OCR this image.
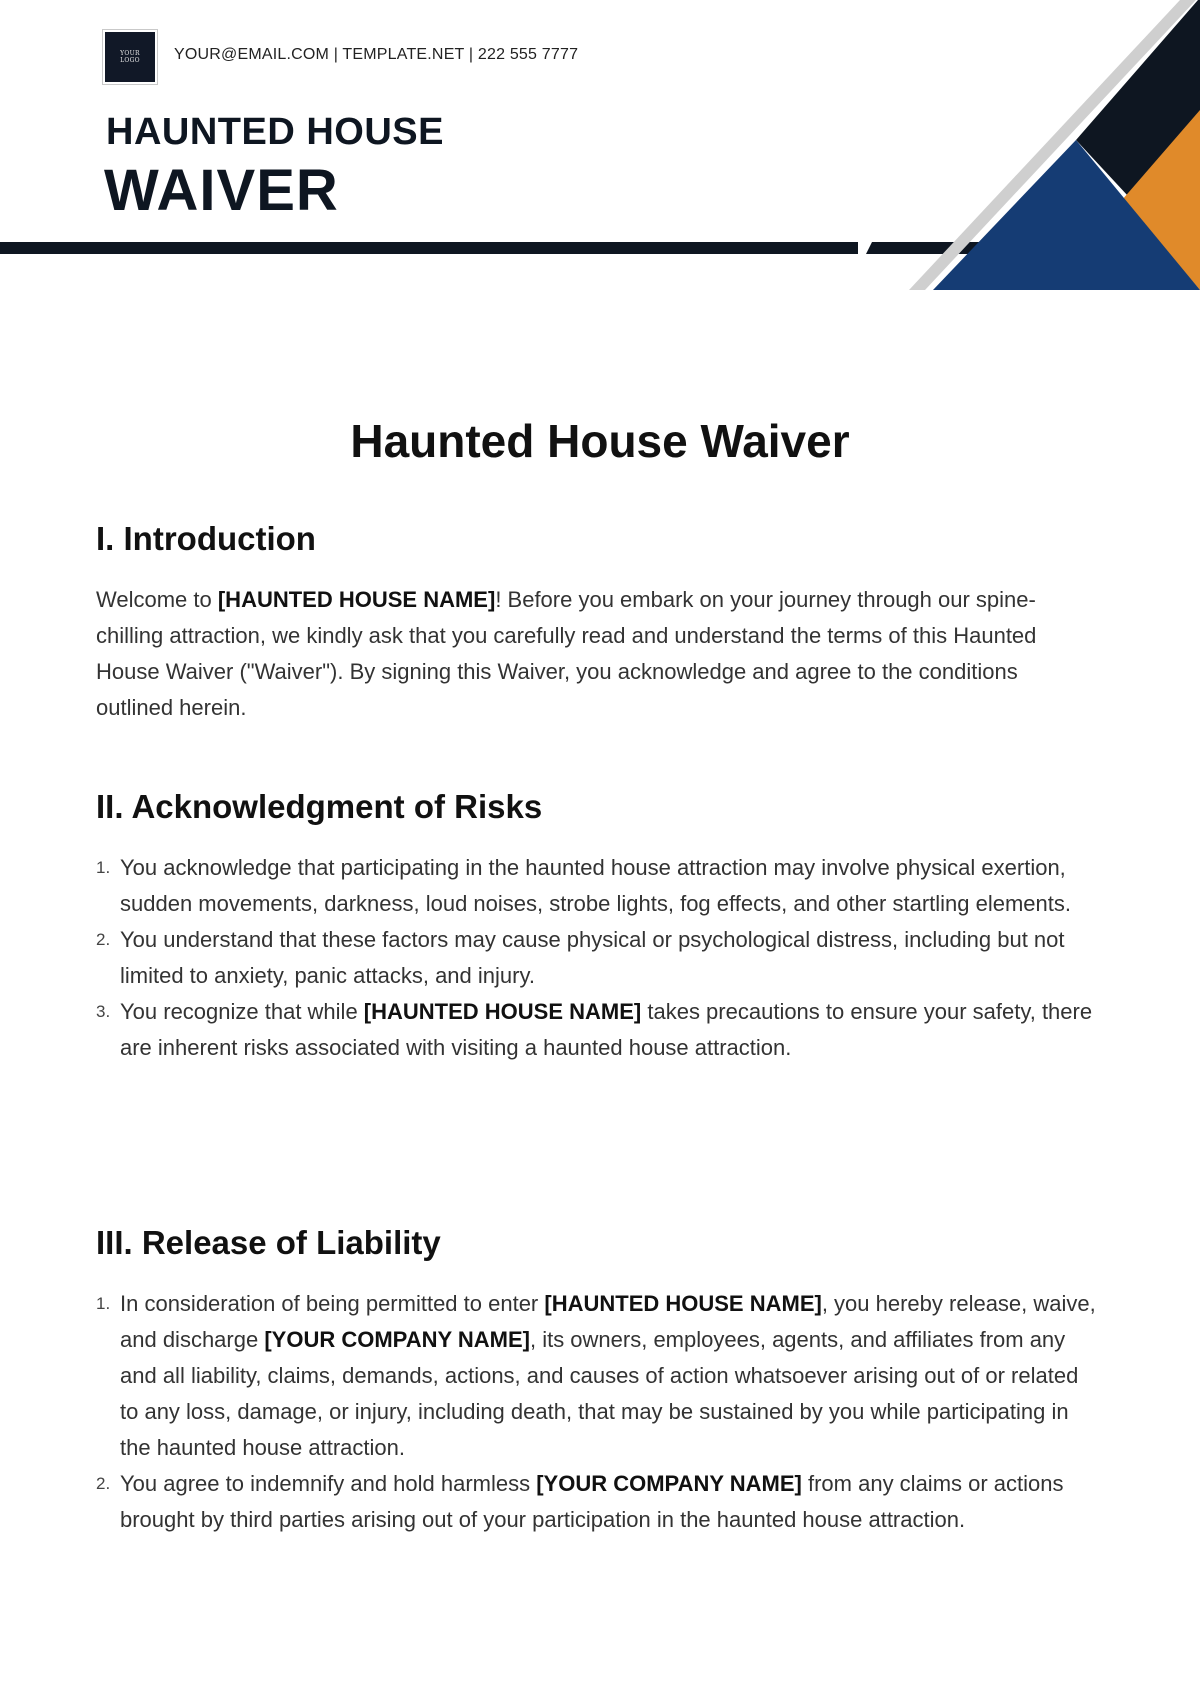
YOUR LOGO	YOUR@EMAIL.COM | TEMPLATE.NET | 222 555 7777
HAUNTED HOUSE
WAIVER
Haunted House Waiver
I. Introduction

Welcome to [HAUNTED HOUSE NAME]! Before you embark on your journey through our spine-chilling attraction, we kindly ask that you carefully read and understand the terms of this Haunted House Waiver ("Waiver"). By signing this Waiver, you acknowledge and agree to the conditions outlined herein.

II. Acknowledgment of Risks
1. You acknowledge that participating in the haunted house attraction may involve physical exertion, sudden movements, darkness, loud noises, strobe lights, fog effects, and other startling elements.
2. You understand that these factors may cause physical or psychological distress, including but not limited to anxiety, panic attacks, and injury.
3. You recognize that while [HAUNTED HOUSE NAME] takes precautions to ensure your safety, there are inherent risks associated with visiting a haunted house attraction.
III. Release of Liability
1. In consideration of being permitted to enter [HAUNTED HOUSE NAME], you hereby release, waive, and discharge [YOUR COMPANY NAME], its owners, employees, agents, and affiliates from any and all liability, claims, demands, actions, and causes of action whatsoever arising out of or related to any loss, damage, or injury, including death, that may be sustained by you while participating in the haunted house attraction.
2. You agree to indemnify and hold harmless [YOUR COMPANY NAME] from any claims or actions brought by third parties arising out of your participation in the haunted house attraction.
